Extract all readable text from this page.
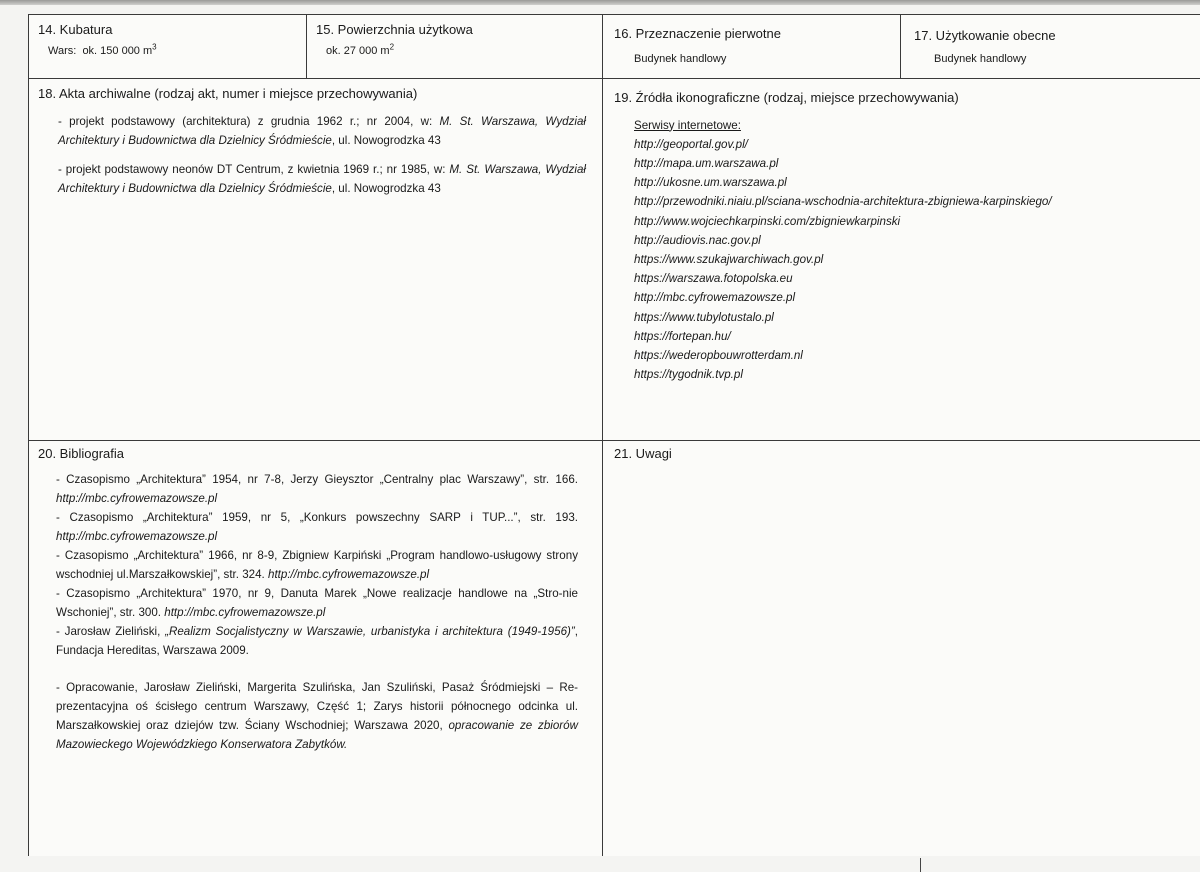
14. Kubatura
Wars: ok. 150 000 $m^3$
15. Powierzchnia użytkowa
ok. 27 000 $m^2$
16. Przeznaczenie pierwotne
Budynek handlowy
17. Użytkowanie obecne
Budynek handlowy
18. Akta archiwalne (rodzaj akt, numer i miejsce przechowywania)
- projekt podstawowy (architektura) z grudnia 1962 r.; nr 2004, w: M. St. Warszawa, Wydział Architektury i Budownictwa dla Dzielnicy Śródmieście, ul. Nowogrodzka 43
- projekt podstawowy neonów DT Centrum, z kwietnia 1969 r.; nr 1985, w: M. St. Warszawa, Wydział Architektury i Budownictwa dla Dzielnicy Śródmieście, ul. Nowogrodzka 43
19. Źródła ikonograficzne (rodzaj, miejsce przechowywania)
Serwisy internetowe:
http://geoportal.gov.pl/
http://mapa.um.warszawa.pl
http://ukosne.um.warszawa.pl
http://przewodniki.niaiu.pl/sciana-wschodnia-architektura-zbigniewa-karpinskiego/
http://www.wojciechkarpinski.com/zbigniewkarpinski
http://audiovis.nac.gov.pl
https://www.szukajwarchiwach.gov.pl
https://warszawa.fotopolska.eu
http://mbc.cyfrowemazowsze.pl
https://www.tubylotustalo.pl
https://fortepan.hu/
https://wederopbouwrotterdam.nl
https://tygodnik.tvp.pl
20. Bibliografia

- Czasopismo „Architektura” 1954, nr 7-8, Jerzy Gieysztor „Centralny plac Warszawy”, str. 166. http://mbc.cyfrowemazowsze.pl

- Czasopismo „Architektura” 1959, nr 5, „Konkurs powszechny SARP i TUP...”, str. 193. http://mbc.cyfrowemazowsze.pl

- Czasopismo „Architektura” 1966, nr 8-9, Zbigniew Karpiński „Program handlowo-usługowy strony wschodniej ul.Marszałkowskiej”, str. 324. http://mbc.cyfrowemazowsze.pl

- Czasopismo „Architektura” 1970, nr 9, Danuta Marek „Nowe realizacje handlowe na „Stro-nie Wschoniej”, str. 300. http://mbc.cyfrowemazowsze.pl

- Jarosław Zieliński, „Realizm Socjalistyczny w Warszawie, urbanistyka i architektura (1949-1956)”, Fundacja Hereditas, Warszawa 2009.

- Opracowanie, Jarosław Zieliński, Margerita Szulińska, Jan Szuliński, Pasaż Śródmiejski – Re-prezentacyjna oś ścisłego centrum Warszawy, Część 1; Zarys historii północnego odcinka ul. Marszałkowskiej oraz dziejów tzw. Ściany Wschodniej; Warszawa 2020, opracowanie ze zbiorów Mazowieckego Wojewódzkiego Konserwatora Zabytków.

21. Uwagi
